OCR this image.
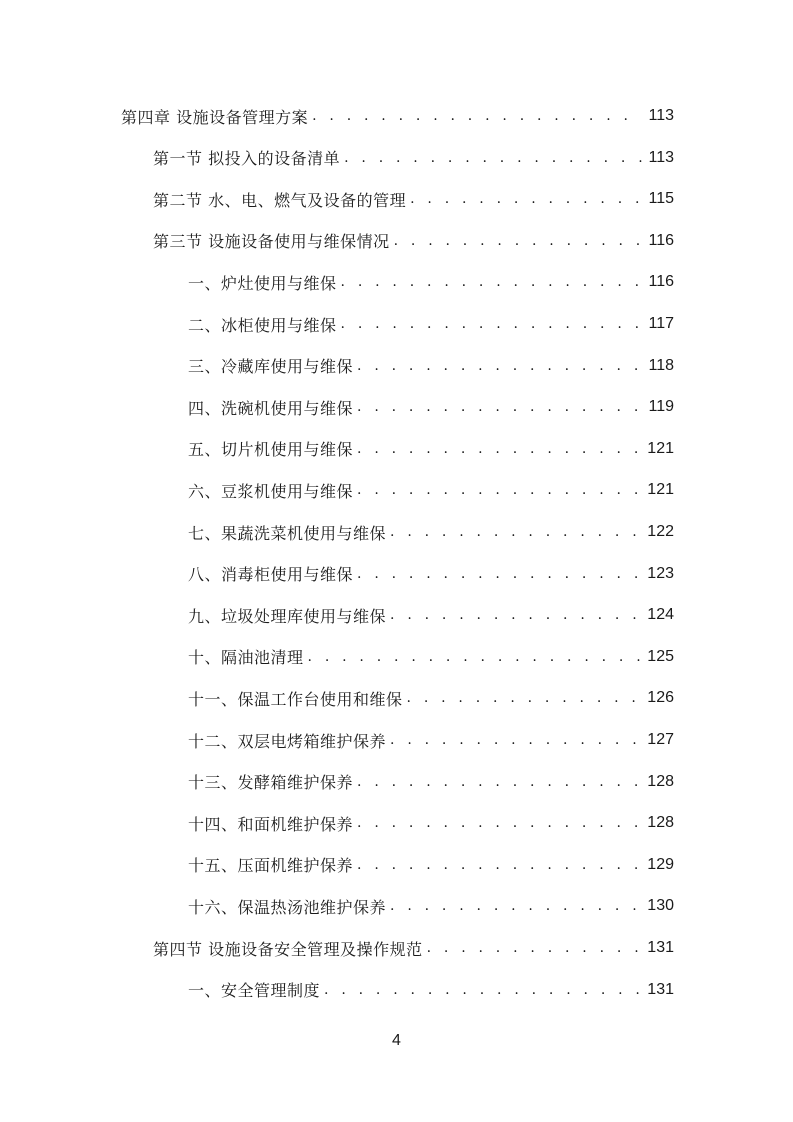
第四章 设施设备管理方案 . . .	113
第一节 拟投入的设备清单 . . .	113
第二节 水、电、燃气及设备的管理 . . .	115
第三节 设施设备使用与维保情况 . . .	116
一、炉灶使用与维保 . . .	116
二、冰柜使用与维保 . . .	117
三、冷藏库使用与维保 . . .	118
四、洗碗机使用与维保 . . .	119
五、切片机使用与维保 . . .	121
六、豆浆机使用与维保 . . .	121
七、果蔬洗菜机使用与维保 . . .	122
八、消毒柜使用与维保 . . .	123
九、垃圾处理库使用与维保 . . .	124
十、隔油池清理 . . .	125
十一、保温工作台使用和维保 . . .	126
十二、双层电烤箱维护保养 . . .	127
十三、发酵箱维护保养 . . .	128
十四、和面机维护保养 . . .	128
十五、压面机维护保养 . . .	129
十六、保温热汤池维护保养 . . .	130
第四节 设施设备安全管理及操作规范 . . .	131
一、安全管理制度 . . .	131
4
